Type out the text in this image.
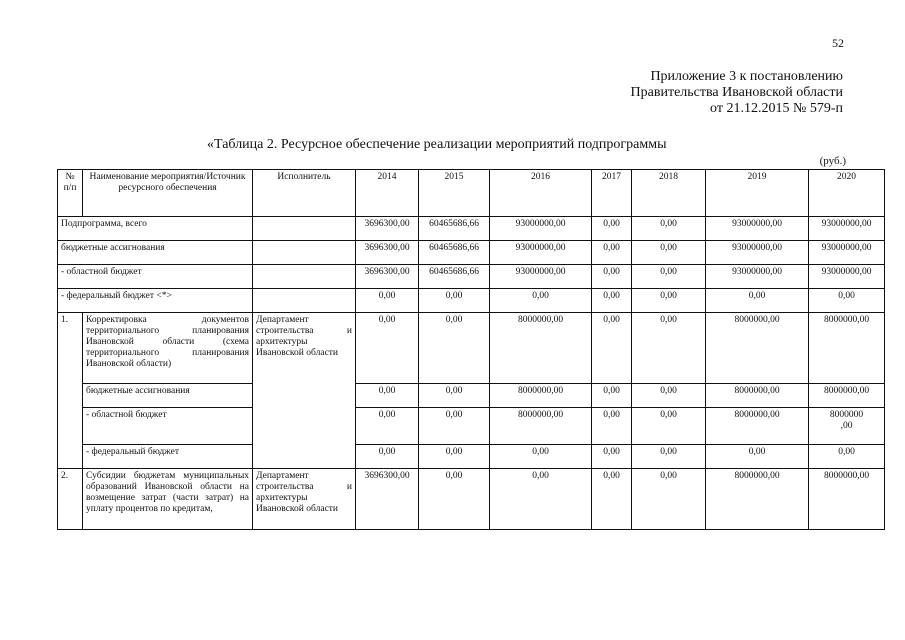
52
Приложение 3 к постановлению
Правительства Ивановской области
от 21.12.2015 № 579-п
«Таблица 2. Ресурсное обеспечение реализации мероприятий подпрограммы
(руб.)
№ п/п	Наименование мероприятия/Источник ресурсного обеспечения	Исполнитель	2014	2015	2016	2017	2018	2019	2020
Подпрограмма, всего			3696300,00	60465686,66	93000000,00	0,00	0,00	93000000,00	93000000,00
бюджетные ассигнования			3696300,00	60465686,66	93000000,00	0,00	0,00	93000000,00	93000000,00
- областной бюджет			3696300,00	60465686,66	93000000,00	0,00	0,00	93000000,00	93000000,00
- федеральный бюджет <*>			0,00	0,00	0,00	0,00	0,00	0,00	0,00
1.	Корректировка документов территориального планирования Ивановской области (схема территориального планирования Ивановской области)	Департамент строительства и архитектуры Ивановской области	0,00	0,00	8000000,00	0,00	0,00	8000000,00	8000000,00
	бюджетные ассигнования		0,00	0,00	8000000,00	0,00	0,00	8000000,00	8000000,00
	- областной бюджет		0,00	0,00	8000000,00	0,00	0,00	8000000,00	8000000 ,00
	- федеральный бюджет		0,00	0,00	0,00	0,00	0,00	0,00	0,00
2.	Субсидии бюджетам муниципальных образований Ивановской области на возмещение затрат (части затрат) на уплату процентов по кредитам,	Департамент строительства и архитектуры Ивановской области	3696300,00	0,00	0,00	0,00	0,00	8000000,00	8000000,00
